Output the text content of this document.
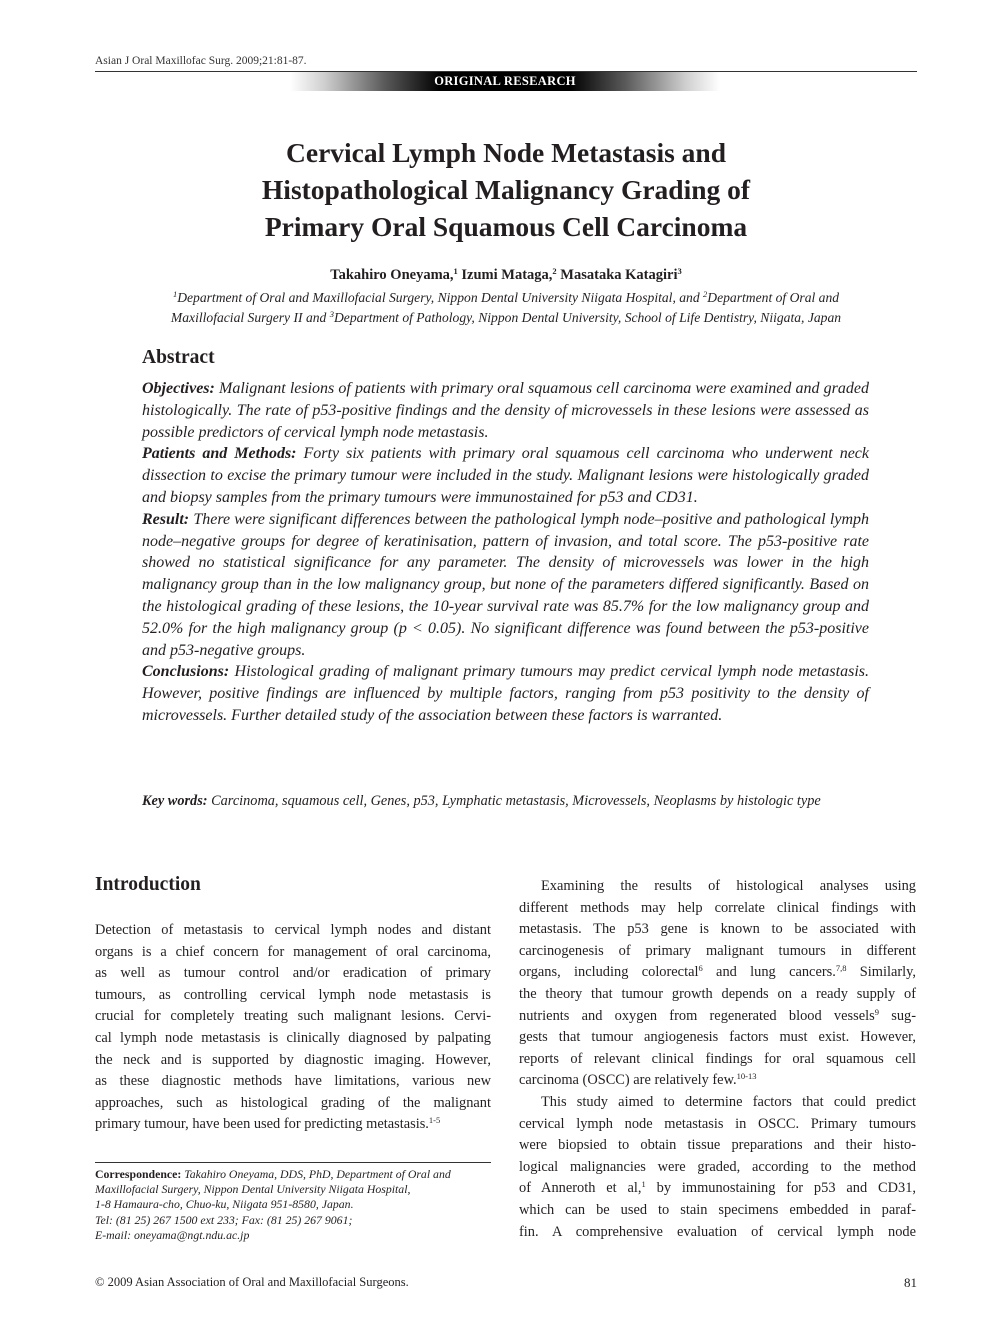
Asian J Oral Maxillofac Surg. 2009;21:81-87.
ORIGINAL RESEARCH
Cervical Lymph Node Metastasis and
Histopathological Malignancy Grading of
Primary Oral Squamous Cell Carcinoma
Takahiro Oneyama,$^1$ Izumi Mataga,$^2$ Masataka Katagiri$^3$
$^1$Department of Oral and Maxillofacial Surgery, Nippon Dental University Niigata Hospital, and $^2$Department of Oral and
Maxillofacial Surgery II and $^3$Department of Pathology, Nippon Dental University, School of Life Dentistry, Niigata, Japan
Abstract

Objectives: Malignant lesions of patients with primary oral squamous cell carcinoma were examined and graded histologically. The rate of p53-positive findings and the density of microvessels in these lesions were assessed as possible predictors of cervical lymph node metastasis.

Patients and Methods: Forty six patients with primary oral squamous cell carcinoma who underwent neck dissection to excise the primary tumour were included in the study. Malignant lesions were histologically graded and biopsy samples from the primary tumours were immunostained for p53 and CD31.

Result: There were significant differences between the pathological lymph node–positive and pathological lymph node–negative groups for degree of keratinisation, pattern of invasion, and total score. The p53-positive rate showed no statistical significance for any parameter. The density of microvessels was lower in the high malignancy group than in the low malignancy group, but none of the parameters differed significantly. Based on the histological grading of these lesions, the 10-year survival rate was 85.7% for the low malignancy group and 52.0% for the high malignancy group (p < 0.05). No significant difference was found between the p53-positive and p53-negative groups.

Conclusions: Histological grading of malignant primary tumours may predict cervical lymph node metastasis. However, positive findings are influenced by multiple factors, ranging from p53 positivity to the density of microvessels. Further detailed study of the association between these factors is warranted.

Key words: Carcinoma, squamous cell, Genes, p53, Lymphatic metastasis, Microvessels, Neoplasms by histologic type
Introduction

Detection of metastasis to cervical lymph nodes and distant
organs is a chief concern for management of oral carcinoma,
as well as tumour control and/or eradication of primary
tumours, as controlling cervical lymph node metastasis is
crucial for completely treating such malignant lesions. Cervi-
cal lymph node metastasis is clinically diagnosed by palpating
the neck and is supported by diagnostic imaging. However,
as these diagnostic methods have limitations, various new
approaches, such as histological grading of the malignant
primary tumour, have been used for predicting metastasis.$^{1-5}$

Examining the results of histological analyses using
different methods may help correlate clinical findings with
metastasis. The p53 gene is known to be associated with
carcinogenesis of primary malignant tumours in different
organs, including colorectal$^6$ and lung cancers.$^{7,8}$ Similarly,
the theory that tumour growth depends on a ready supply of
nutrients and oxygen from regenerated blood vessels$^9$ sug-
gests that tumour angiogenesis factors must exist. However,
reports of relevant clinical findings for oral squamous cell
carcinoma (OSCC) are relatively few.$^{10-13}$

This study aimed to determine factors that could predict
cervical lymph node metastasis in OSCC. Primary tumours
were biopsied to obtain tissue preparations and their histo-
logical malignancies were graded, according to the method
of Anneroth et al,$^1$ by immunostaining for p53 and CD31,
which can be used to stain specimens embedded in paraf-
fin. A comprehensive evaluation of cervical lymph node

Correspondence: Takahiro Oneyama, DDS, PhD, Department of Oral and
Maxillofacial Surgery, Nippon Dental University Niigata Hospital,
1-8 Hamaura-cho, Chuo-ku, Niigata 951-8580, Japan.
Tel: (81 25) 267 1500 ext 233; Fax: (81 25) 267 9061;
E-mail: oneyama@ngt.ndu.ac.jp
© 2009 Asian Association of Oral and Maxillofacial Surgeons.	81
